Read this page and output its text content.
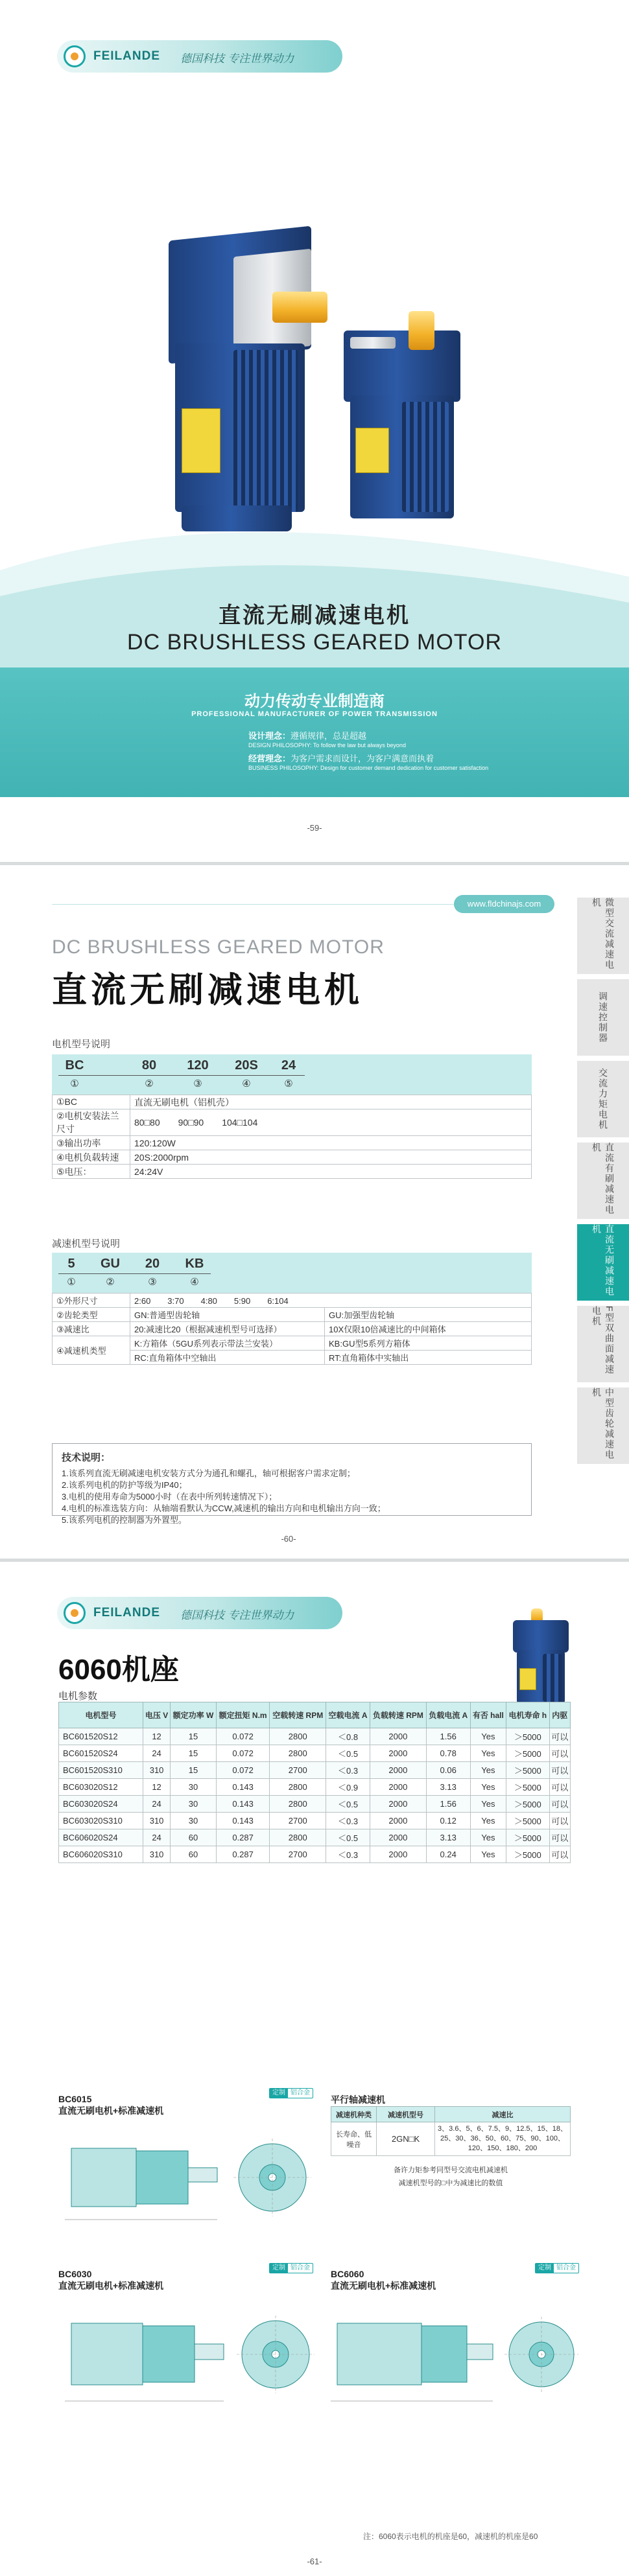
FEILANDE 德国科技 专注世界动力
直流无刷减速电机
DC BRUSHLESS GEARED MOTOR
动力传动专业制造商
PROFESSIONAL MANUFACTURER OF POWER TRANSMISSION
设计理念：遵循规律，总是超越
DESIGN PHILOSOPHY: To follow the law but always beyond
经营理念：为客户需求而设计，为客户满意而执着
BUSINESS PHILOSOPHY: Design for customer demand dedication for customer satisfaction
-59-
www.fldchinajs.com
DC BRUSHLESS GEARED MOTOR
直流无刷减速电机
电机型号说明
BC	80	120	20S	24
①	②	③	④	⑤
①BC	直流无刷电机（铝机壳）
②电机安装法兰尺寸	80□80　　90□90　　104□104
③输出功率	120:120W
④电机负载转速	20S:2000rpm
⑤电压：	24:24V
减速机型号说明
5	GU	20	KB
①	②	③	④
①外形尺寸	2:60　　3:70　　4:80　　5:90　　6:104	
②齿轮类型	GN:普通型齿轮轴	GU:加强型齿轮轴
③减速比	20:减速比20（根据减速机型号可选择）	10X仅限10倍减速比的中间箱体
④减速机类型	K:方箱体（5GU系列表示带法兰安装）	KB:GU型5系列方箱体
	RC:直角箱体中空轴出	RT:直角箱体中实轴出
技术说明：
1.该系列直流无刷减速电机安装方式分为通孔和螺孔，轴可根据客户需求定制；
2.该系列电机的防护等级为IP40；
3.电机的使用寿命为5000小时（在表中所列转速情况下）；
4.电机的标准选装方向：从轴端看默认为CCW,减速机的输出方向和电机输出方向一致；
5.该系列电机的控制器为外置型。
微型交流减速电机
调速控制器
交流力矩电机
直流有刷减速电机
直流无刷减速电机
F型双曲面减速电机
中型齿轮减速电机
-60-
FEILANDE 德国科技 专注世界动力
6060机座
电机参数
电机型号	电压 V	额定功率 W	额定扭矩 N.m	空载转速 RPM	空载电流 A	负载转速 RPM	负载电流 A	有否 hall	电机寿命 h	内驱
BC601520S12	12	15	0.072	2800	＜0.8	2000	1.56	Yes	＞5000	可以
BC601520S24	24	15	0.072	2800	＜0.5	2000	0.78	Yes	＞5000	可以
BC601520S310	310	15	0.072	2700	＜0.3	2000	0.06	Yes	＞5000	可以
BC603020S12	12	30	0.143	2800	＜0.9	2000	3.13	Yes	＞5000	可以
BC603020S24	24	30	0.143	2800	＜0.5	2000	1.56	Yes	＞5000	可以
BC603020S310	310	30	0.143	2700	＜0.3	2000	0.12	Yes	＞5000	可以
BC606020S24	24	60	0.287	2800	＜0.5	2000	3.13	Yes	＞5000	可以
BC606020S310	310	60	0.287	2700	＜0.3	2000	0.24	Yes	＞5000	可以
BC6015
直流无刷电机+标准减速机
定制 铝合金
平行轴减速机
减速机种类	减速机型号	减速比
长寿命、低噪音	2GN□K	3、3.6、5、6、7.5、9、12.5、15、18、25、30、36、50、60、75、90、100、120、150、180、200
备许力矩参考同型号交流电机减速机
减速机型号的□中为减速比的数值
BC6030
直流无刷电机+标准减速机
定制 铝合金
BC6060
直流无刷电机+标准减速机
定制 铝合金
注：6060表示电机的机座是60，减速机的机座是60
-61-
